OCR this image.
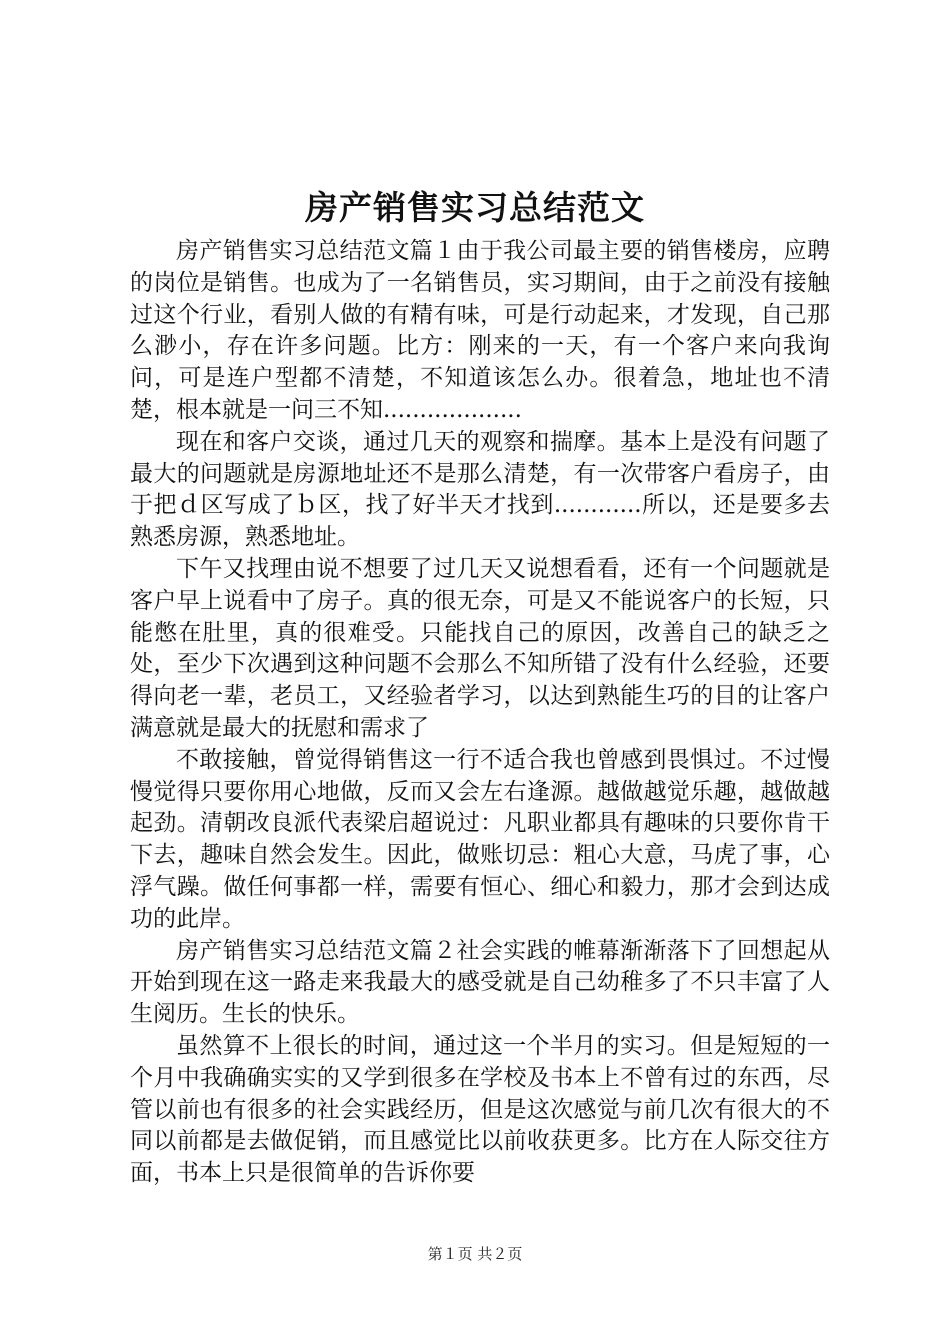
房产销售实习总结范文

房产销售实习总结范文篇１由于我公司最主要的销售楼房，应聘的岗位是销售。也成为了一名销售员，实习期间，由于之前没有接触过这个行业，看别人做的有精有味，可是行动起来，才发现，自己那么渺小，存在许多问题。比方：刚来的一天，有一个客户来向我询问，可是连户型都不清楚，不知道该怎么办。很着急，地址也不清楚，根本就是一问三不知...................

现在和客户交谈，通过几天的观察和揣摩。基本上是没有问题了最大的问题就是房源地址还不是那么清楚，有一次带客户看房子，由于把ｄ区写成了ｂ区，找了好半天才找到............所以，还是要多去熟悉房源，熟悉地址。

下午又找理由说不想要了过几天又说想看看，还有一个问题就是客户早上说看中了房子。真的很无奈，可是又不能说客户的长短，只能憋在肚里，真的很难受。只能找自己的原因，改善自己的缺乏之处，至少下次遇到这种问题不会那么不知所错了没有什么经验，还要得向老一辈，老员工，又经验者学习，以达到熟能生巧的目的让客户满意就是最大的抚慰和需求了

不敢接触，曾觉得销售这一行不适合我也曾感到畏惧过。不过慢慢觉得只要你用心地做，反而又会左右逢源。越做越觉乐趣，越做越起劲。清朝改良派代表梁启超说过：凡职业都具有趣味的只要你肯干下去，趣味自然会发生。因此，做账切忌：粗心大意，马虎了事，心浮气躁。做任何事都一样，需要有恒心、细心和毅力，那才会到达成功的此岸。

房产销售实习总结范文篇２社会实践的帷幕渐渐落下了回想起从开始到现在这一路走来我最大的感受就是自己幼稚多了不只丰富了人生阅历。生长的快乐。

虽然算不上很长的时间，通过这一个半月的实习。但是短短的一个月中我确确实实的又学到很多在学校及书本上不曾有过的东西，尽管以前也有很多的社会实践经历，但是这次感觉与前几次有很大的不同以前都是去做促销，而且感觉比以前收获更多。比方在人际交往方面，书本上只是很简单的告诉你要

第１页 共２页
